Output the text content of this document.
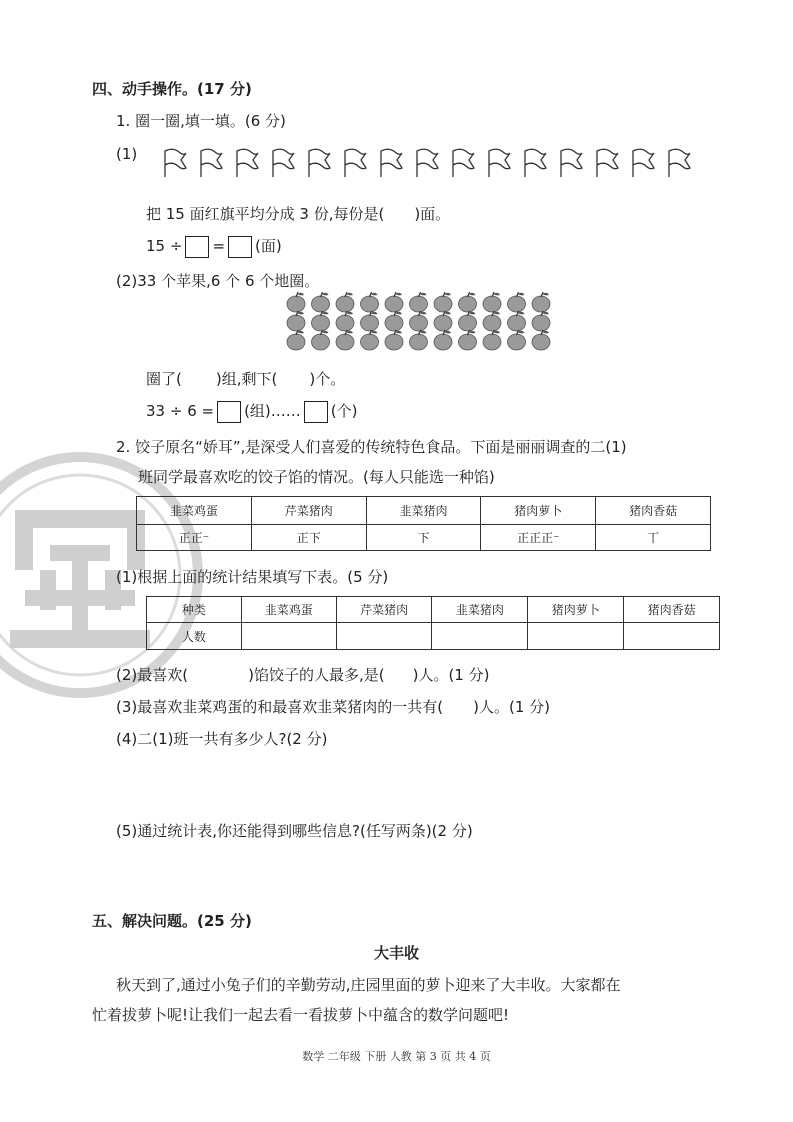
四、动手操作。(17 分)
1. 圈一圈,填一填。(6 分)
(1)
把 15 面红旗平均分成 3 份,每份是( )面。
15 ÷ = (面)
(2)33 个苹果,6 个 6 个地圈。
圈了( )组,剩下( )个。
33 ÷ 6 = (组)…… (个)
2. 饺子原名“娇耳”,是深受人们喜爱的传统特色食品。下面是丽丽调查的二(1)
班同学最喜欢吃的饺子馅的情况。(每人只能选一种馅)
韭菜鸡蛋	芹菜猪肉	韭菜猪肉	猪肉萝卜	猪肉香菇
正正⁻	正下	下	正正正⁻	丅
(1)根据上面的统计结果填写下表。(5 分)
种类	韭菜鸡蛋	芹菜猪肉	韭菜猪肉	猪肉萝卜	猪肉香菇
人数					
(2)最喜欢(	)馅饺子的人最多,是( )人。(1 分)
(3)最喜欢韭菜鸡蛋的和最喜欢韭菜猪肉的一共有( )人。(1 分)
(4)二(1)班一共有多少人?(2 分)
(5)通过统计表,你还能得到哪些信息?(任写两条)(2 分)
五、解决问题。(25 分)
大丰收
秋天到了,通过小兔子们的辛勤劳动,庄园里面的萝卜迎来了大丰收。大家都在
忙着拔萝卜呢!让我们一起去看一看拔萝卜中蕴含的数学问题吧!
数学 二年级 下册 人教 第 3 页 共 4 页
